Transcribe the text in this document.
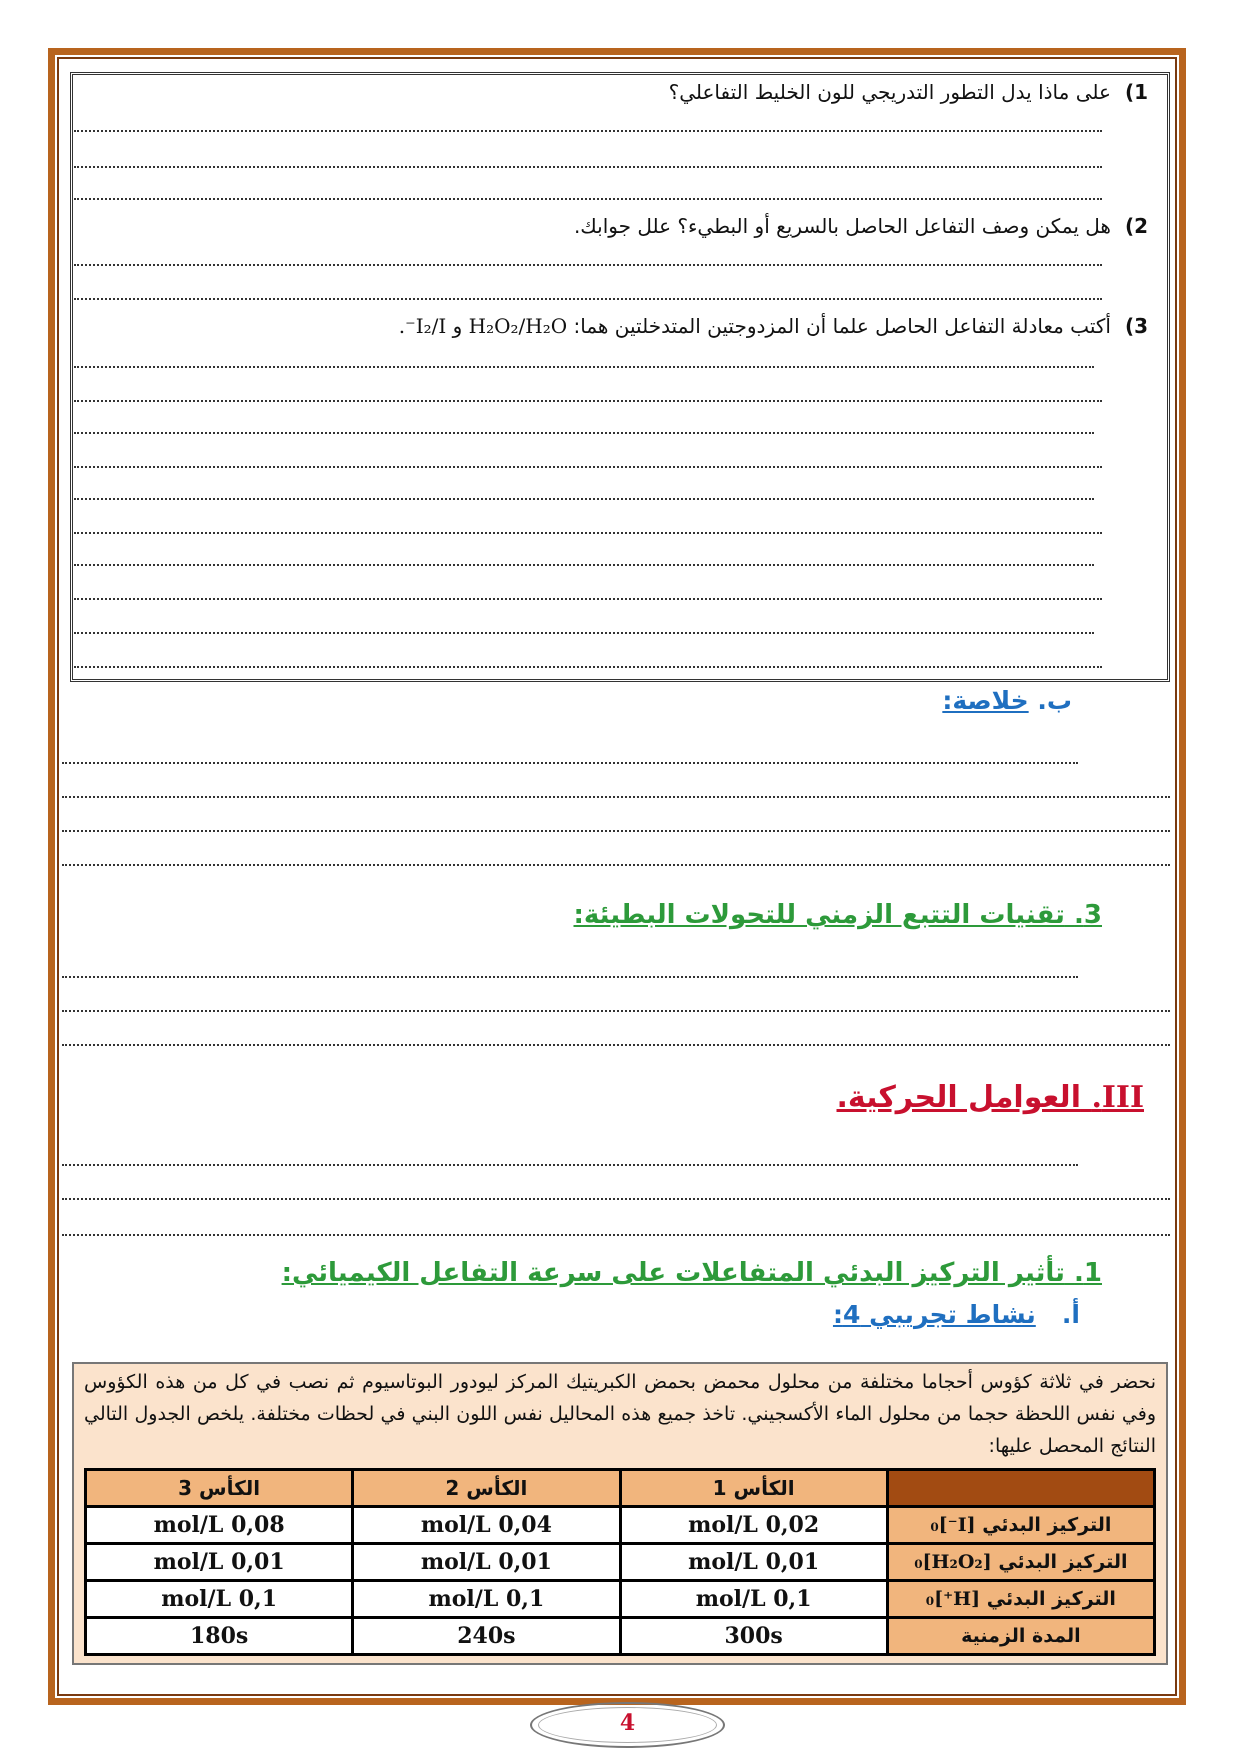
1)على ماذا يدل التطور التدريجي للون الخليط التفاعلي؟
2)هل يمكن وصف التفاعل الحاصل بالسريع أو البطيء؟ علل جوابك.
3)أكتب معادلة التفاعل الحاصل علما أن المزدوجتين المتدخلتين هما: H₂O₂/H₂O و I₂/I⁻.
ب. خلاصة:
3. تقنيات التتبع الزمني للتحولات البطيئة:
III. العوامل الحركية.
1. تأثير التركيز البدئي المتفاعلات على سرعة التفاعل الكيميائي:
أ.   نشاط تجريبي 4:
نحضر في ثلاثة كؤوس أحجاما مختلفة من محلول محمض بحمض الكبريتيك المركز ليودور البوتاسيوم ثم نصب في كل من هذه الكؤوس وفي نفس اللحظة حجما من محلول الماء الأكسجيني. تاخذ جميع هذه المحاليل نفس اللون البني في لحظات مختلفة. يلخص الجدول التالي النتائج المحصل عليها:
	الكأس 1	الكأس 2	الكأس 3
التركيز البدئي [I⁻]₀	0,02 mol/L	0,04 mol/L	0,08 mol/L
التركيز البدئي [H₂O₂]₀	0,01 mol/L	0,01 mol/L	0,01 mol/L
التركيز البدئي [H⁺]₀	0,1 mol/L	0,1 mol/L	0,1 mol/L
المدة الزمنية	300s	240s	180s
4
